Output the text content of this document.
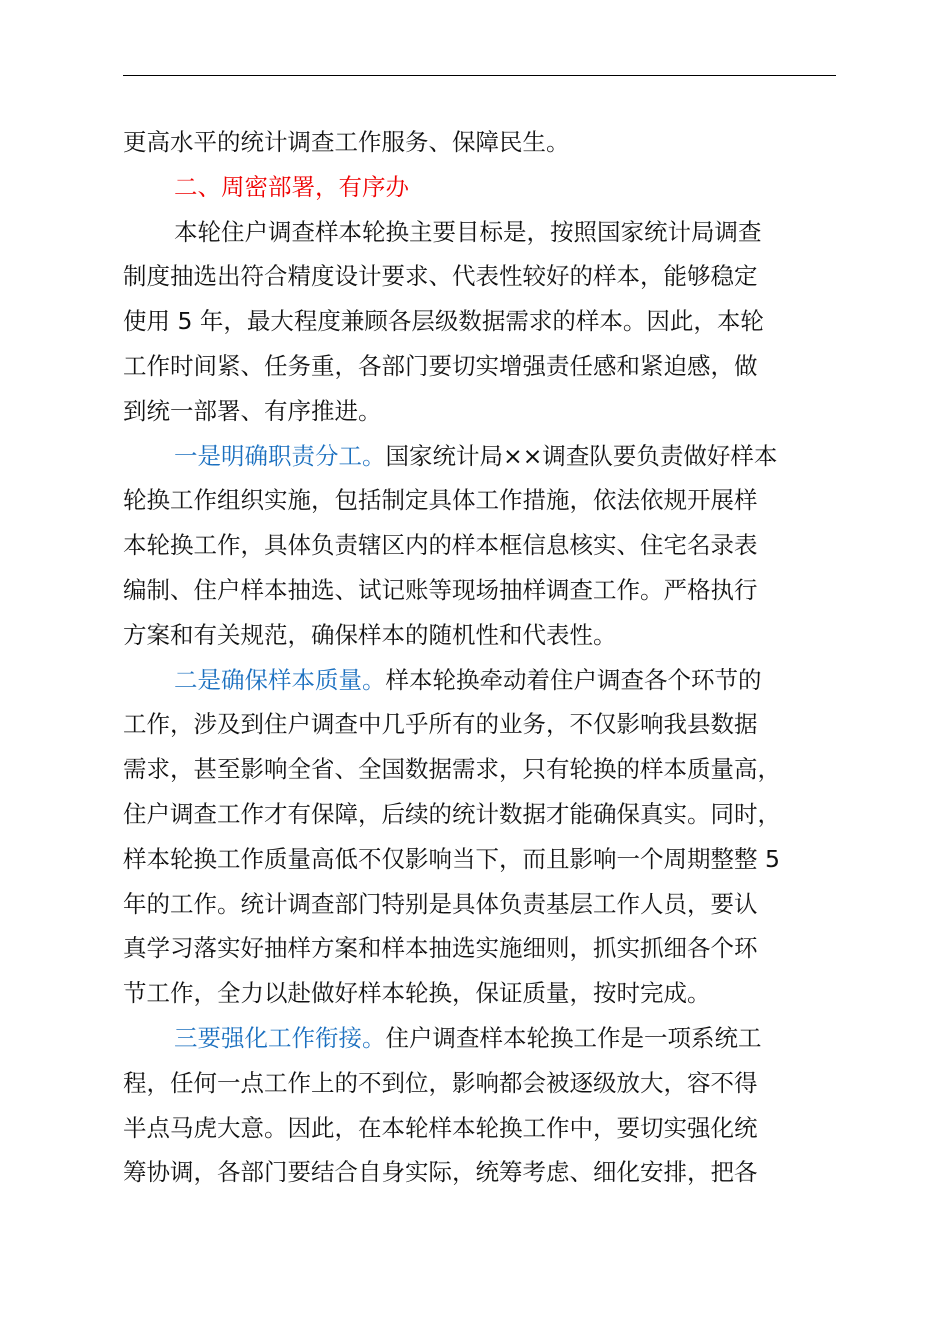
更高水平的统计调查工作服务、保障民生。
二、周密部署，有序办
本轮住户调查样本轮换主要目标是，按照国家统计局调查
制度抽选出符合精度设计要求、代表性较好的样本，能够稳定
使用 5 年，最大程度兼顾各层级数据需求的样本。因此，本轮
工作时间紧、任务重，各部门要切实增强责任感和紧迫感，做
到统一部署、有序推进。
一是明确职责分工。国家统计局××调查队要负责做好样本
轮换工作组织实施，包括制定具体工作措施，依法依规开展样
本轮换工作，具体负责辖区内的样本框信息核实、住宅名录表
编制、住户样本抽选、试记账等现场抽样调查工作。严格执行
方案和有关规范，确保样本的随机性和代表性。
二是确保样本质量。样本轮换牵动着住户调查各个环节的
工作，涉及到住户调查中几乎所有的业务，不仅影响我县数据
需求，甚至影响全省、全国数据需求，只有轮换的样本质量高，
住户调查工作才有保障，后续的统计数据才能确保真实。同时，
样本轮换工作质量高低不仅影响当下，而且影响一个周期整整 5
年的工作。统计调查部门特别是具体负责基层工作人员，要认
真学习落实好抽样方案和样本抽选实施细则，抓实抓细各个环
节工作，全力以赴做好样本轮换，保证质量，按时完成。
三要强化工作衔接。住户调查样本轮换工作是一项系统工
程，任何一点工作上的不到位，影响都会被逐级放大，容不得
半点马虎大意。因此，在本轮样本轮换工作中，要切实强化统
筹协调，各部门要结合自身实际，统筹考虑、细化安排，把各
